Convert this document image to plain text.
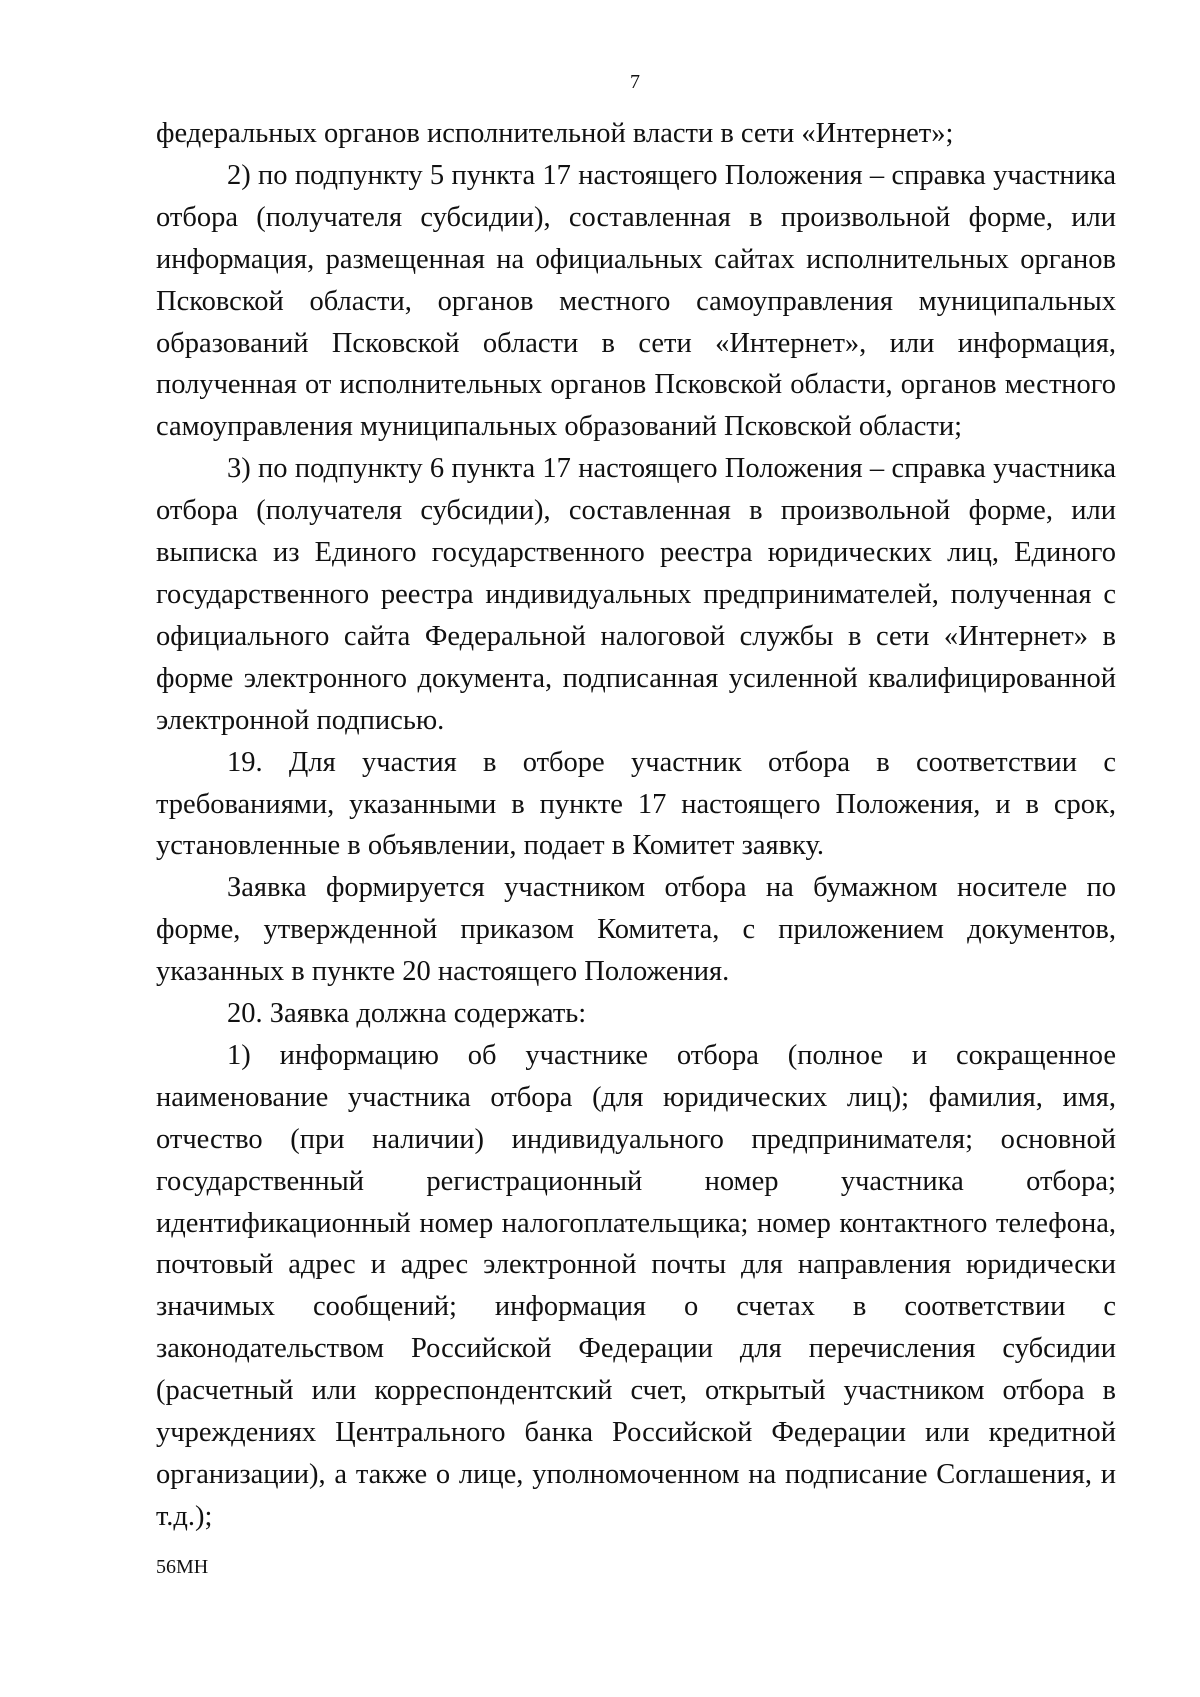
7

федеральных органов исполнительной власти в сети «Интернет»;

2) по подпункту 5 пункта 17 настоящего Положения – справка участника отбора (получателя субсидии), составленная в произвольной форме, или информация, размещенная на официальных сайтах исполнительных органов Псковской области, органов местного самоуправления муниципальных образований Псковской области в сети «Интернет», или информация, полученная от исполнительных органов Псковской области, органов местного самоуправления муниципальных образований Псковской области;

3) по подпункту 6 пункта 17 настоящего Положения – справка участника отбора (получателя субсидии), составленная в произвольной форме, или выписка из Единого государственного реестра юридических лиц, Единого государственного реестра индивидуальных предпринимателей, полученная с официального сайта Федеральной налоговой службы в сети «Интернет» в форме электронного документа, подписанная усиленной квалифицированной электронной подписью.

19. Для участия в отборе участник отбора в соответствии с требованиями, указанными в пункте 17 настоящего Положения, и в срок, установленные в объявлении, подает в Комитет заявку.

Заявка формируется участником отбора на бумажном носителе по форме, утвержденной приказом Комитета, с приложением документов, указанных в пункте 20 настоящего Положения.

20. Заявка должна содержать:

1) информацию об участнике отбора (полное и сокращенное наименование участника отбора (для юридических лиц); фамилия, имя, отчество (при наличии) индивидуального предпринимателя; основной государственный регистрационный номер участника отбора; идентификационный номер налогоплательщика; номер контактного телефона, почтовый адрес и адрес электронной почты для направления юридически значимых сообщений; информация о счетах в соответствии с законодательством Российской Федерации для перечисления субсидии (расчетный или корреспондентский счет, открытый участником отбора в учреждениях Центрального банка Российской Федерации или кредитной организации), а также о лице, уполномоченном на подписание Соглашения, и т.д.);

56МН
